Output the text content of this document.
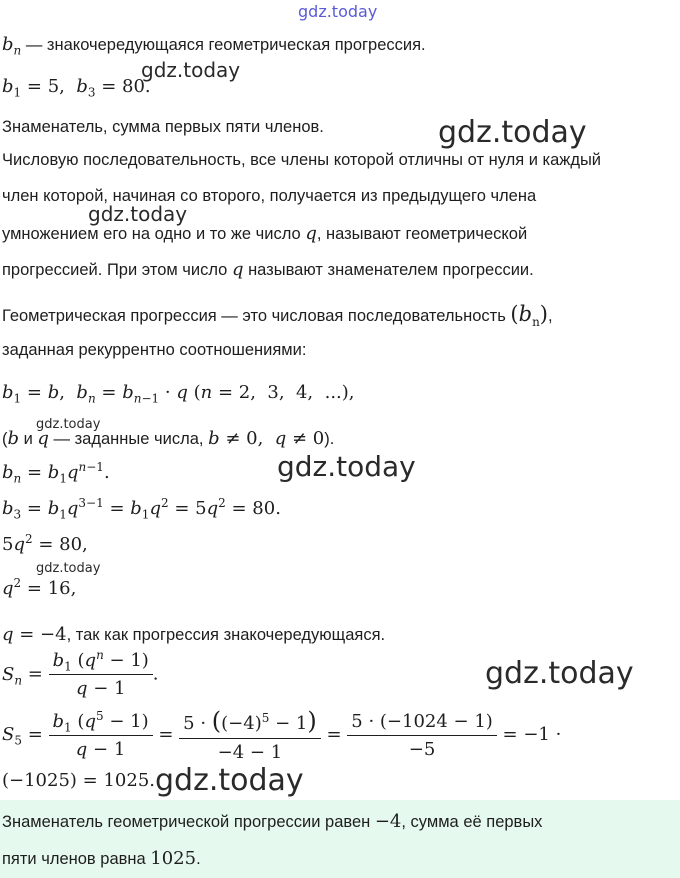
gdz.today
gdz.today
gdz.today
gdz.today
gdz.today
gdz.today
gdz.today
gdz.today
gdz.today
$b_n$ — знакочередующаяся геометрическая прогрессия.
$b_1 = 5$,  $b_3 = 80$.
Знаменатель, сумма первых пяти членов.
Числовую последовательность, все члены которой отличны от нуля и каждый
член которой, начиная со второго, получается из предыдущего члена
умножением его на одно и то же число q, называют геометрической
прогрессией. При этом число q называют знаменателем прогрессии.
Геометрическая прогрессия — это числовая последовательность $(b_n)$,
заданная рекуррентно соотношениями:
$b_1 = b$,  $b_n = b_{n-1} \cdot q$ (n = 2,  3,  4,  ...),
(b и q — заданные числа, b ≠ 0,  q ≠ 0).
$b_n = b_1q^{n-1}$.
$b_3 = b_1q^{3-1} = b_1q^2 = 5q^2 = 80$.
$5q^2 = 80$,
$q^2 = 16$,
q = −4, так как прогрессия знакочередующаяся.
$S_n = \frac{b_1 (q^n - 1)}{q - 1}$ .
$S_5 = \frac{b_1 (q^5 - 1)}{q - 1} = \frac{5 \cdot ((-4)^5 - 1)}{-4 - 1} = \frac{5 \cdot (-1024 - 1)}{-5} = -1$ ·
(−1025) = 1025.
Знаменатель геометрической прогрессии равен −4, сумма её первых
пяти членов равна 1025.
